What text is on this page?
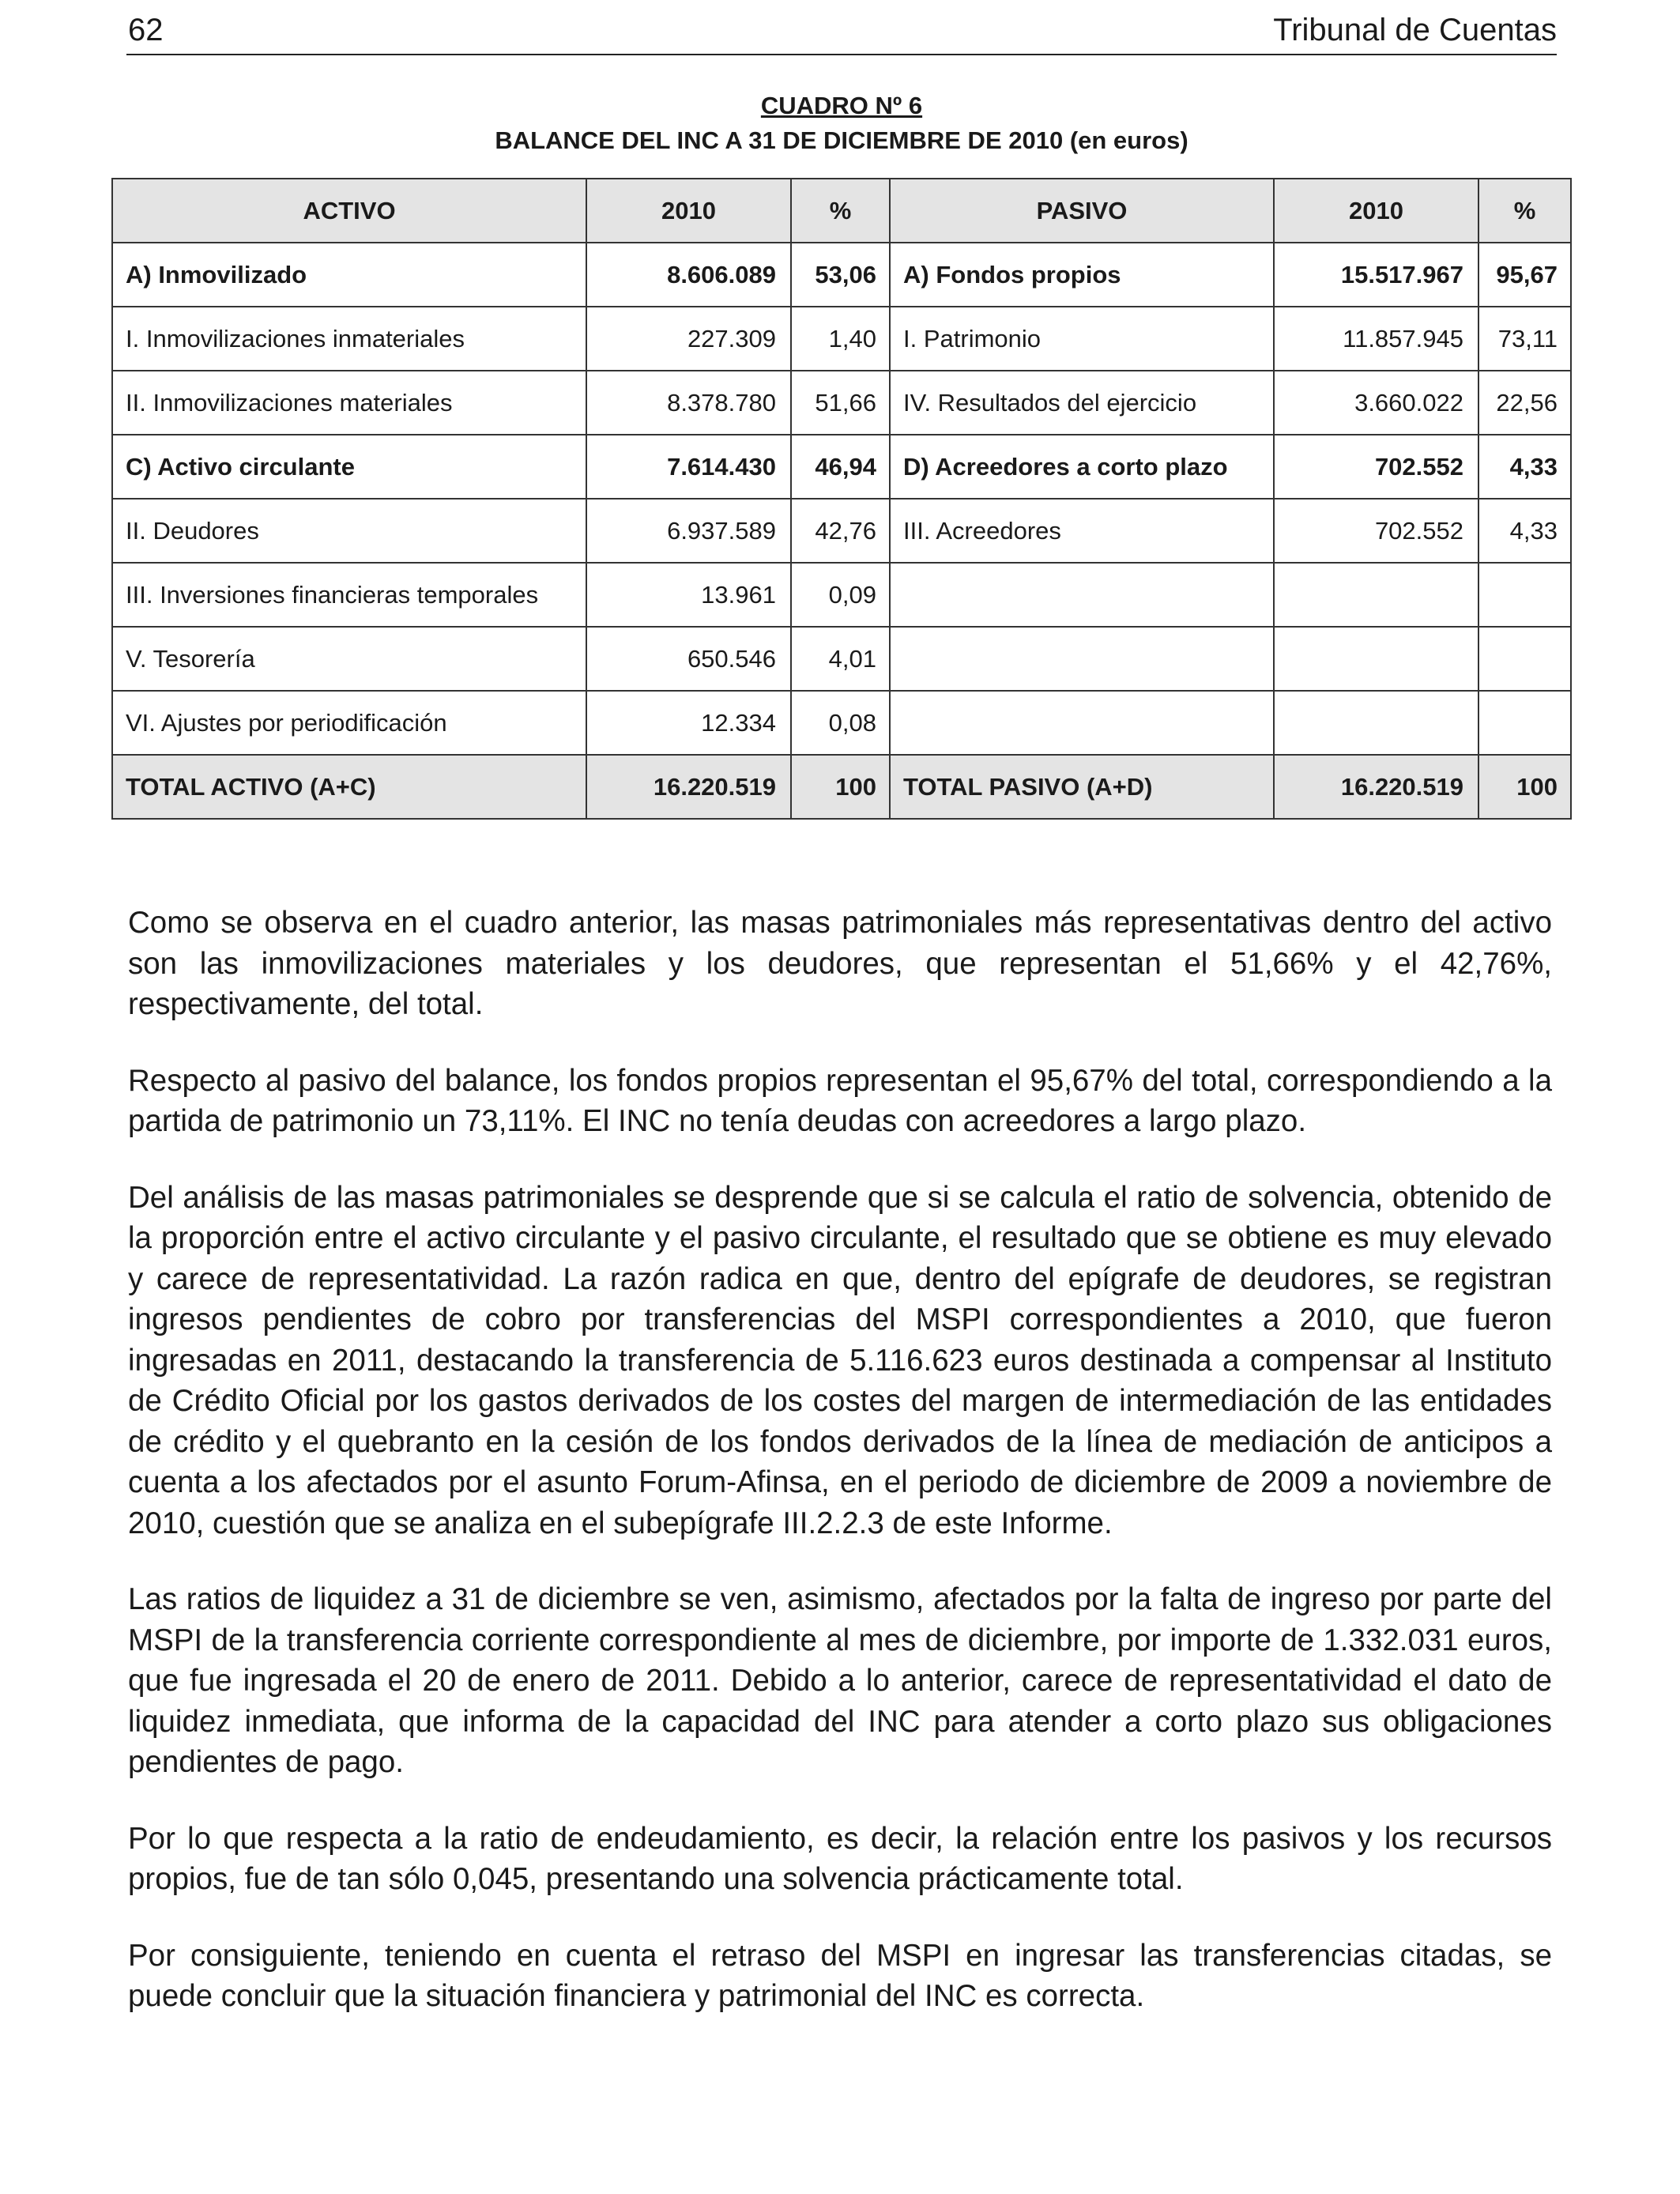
62	Tribunal de Cuentas
CUADRO Nº 6
BALANCE DEL INC A 31 DE DICIEMBRE DE 2010 (en euros)
ACTIVO	2010	%	PASIVO	2010	%
A) Inmovilizado	8.606.089	53,06	A) Fondos propios	15.517.967	95,67
I. Inmovilizaciones inmateriales	227.309	1,40	I. Patrimonio	11.857.945	73,11
II. Inmovilizaciones materiales	8.378.780	51,66	IV. Resultados del ejercicio	3.660.022	22,56
C) Activo circulante	7.614.430	46,94	D) Acreedores a corto plazo	702.552	4,33
II. Deudores	6.937.589	42,76	III. Acreedores	702.552	4,33
III. Inversiones financieras temporales	13.961	0,09			
V. Tesorería	650.546	4,01			
VI. Ajustes por periodificación	12.334	0,08			
TOTAL ACTIVO (A+C)	16.220.519	100	TOTAL PASIVO (A+D)	16.220.519	100

Como se observa en el cuadro anterior, las masas patrimoniales más representativas dentro del activo son las inmovilizaciones materiales y los deudores, que representan el 51,66% y el 42,76%, respectivamente, del total.

Respecto al pasivo del balance, los fondos propios representan el 95,67% del total, correspondiendo a la partida de patrimonio un 73,11%. El INC no tenía deudas con acreedores a largo plazo.

Del análisis de las masas patrimoniales se desprende que si se calcula el ratio de solvencia, obtenido de la proporción entre el activo circulante y el pasivo circulante, el resultado que se obtiene es muy elevado y carece de representatividad. La razón radica en que, dentro del epígrafe de deudores, se registran ingresos pendientes de cobro por transferencias del MSPI correspondientes a 2010, que fueron ingresadas en 2011, destacando la transferencia de 5.116.623 euros destinada a compensar al Instituto de Crédito Oficial por los gastos derivados de los costes del margen de intermediación de las entidades de crédito y el quebranto en la cesión de los fondos derivados de la línea de mediación de anticipos a cuenta a los afectados por el asunto Forum-Afinsa, en el periodo de diciembre de 2009 a noviembre de 2010, cuestión que se analiza en el subepígrafe III.2.2.3 de este Informe.

Las ratios de liquidez a 31 de diciembre se ven, asimismo, afectados por la falta de ingreso por parte del MSPI de la transferencia corriente correspondiente al mes de diciembre, por importe de 1.332.031 euros, que fue ingresada el 20 de enero de 2011. Debido a lo anterior, carece de representatividad el dato de liquidez inmediata, que informa de la capacidad del INC para atender a corto plazo sus obligaciones pendientes de pago.

Por lo que respecta a la ratio de endeudamiento, es decir, la relación entre los pasivos y los recursos propios, fue de tan sólo 0,045, presentando una solvencia prácticamente total.

Por consiguiente, teniendo en cuenta el retraso del MSPI en ingresar las transferencias citadas, se puede concluir que la situación financiera y patrimonial del INC es correcta.
